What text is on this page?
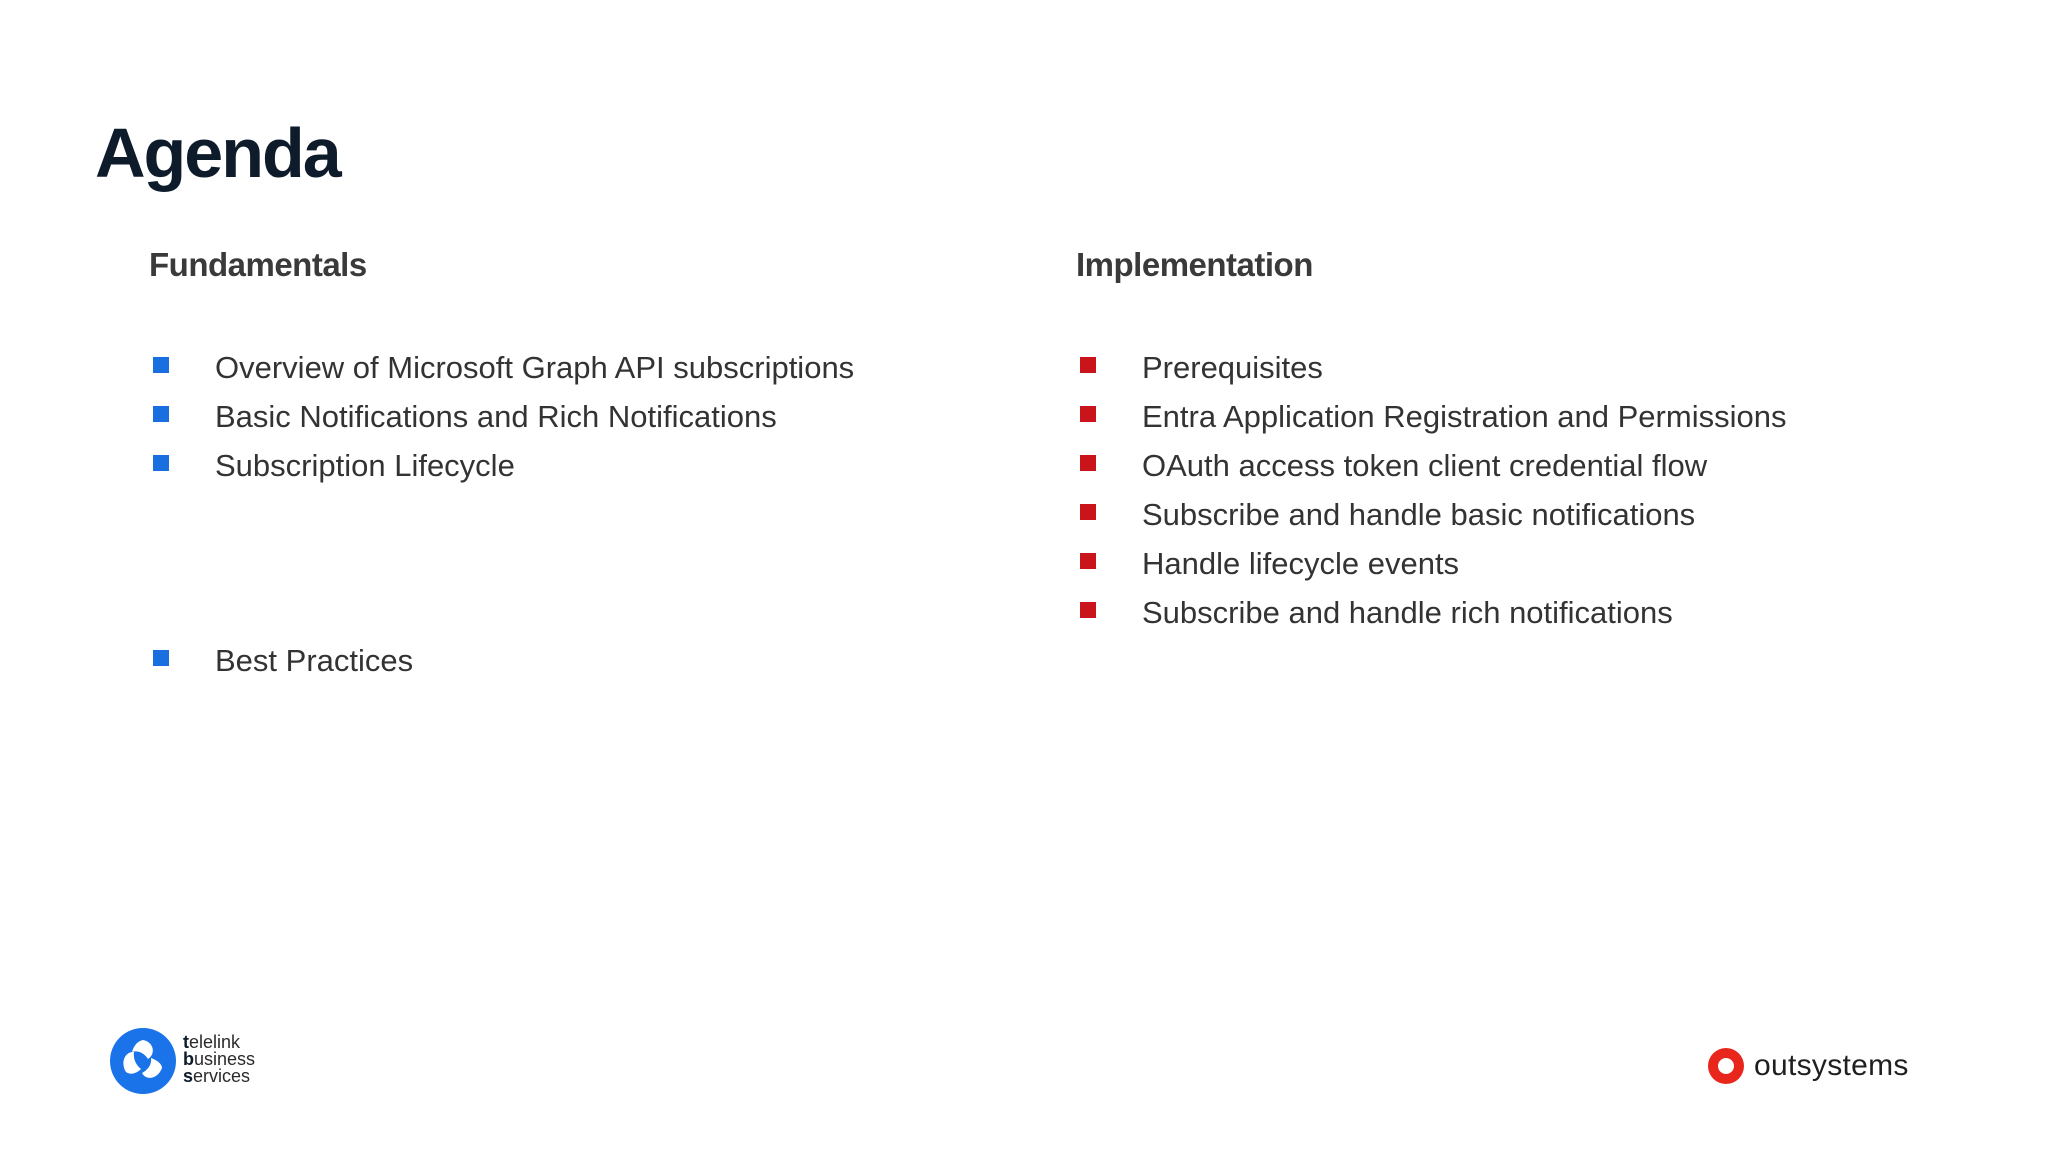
Agenda
Fundamentals	Implementation
Overview of Microsoft Graph API subscriptions
Basic Notifications and Rich Notifications
Subscription Lifecycle
Best Practices
Prerequisites
Entra Application Registration and Permissions
OAuth access token client credential flow
Subscribe and handle basic notifications
Handle lifecycle events
Subscribe and handle rich notifications
telelink
business
services	outsystems
